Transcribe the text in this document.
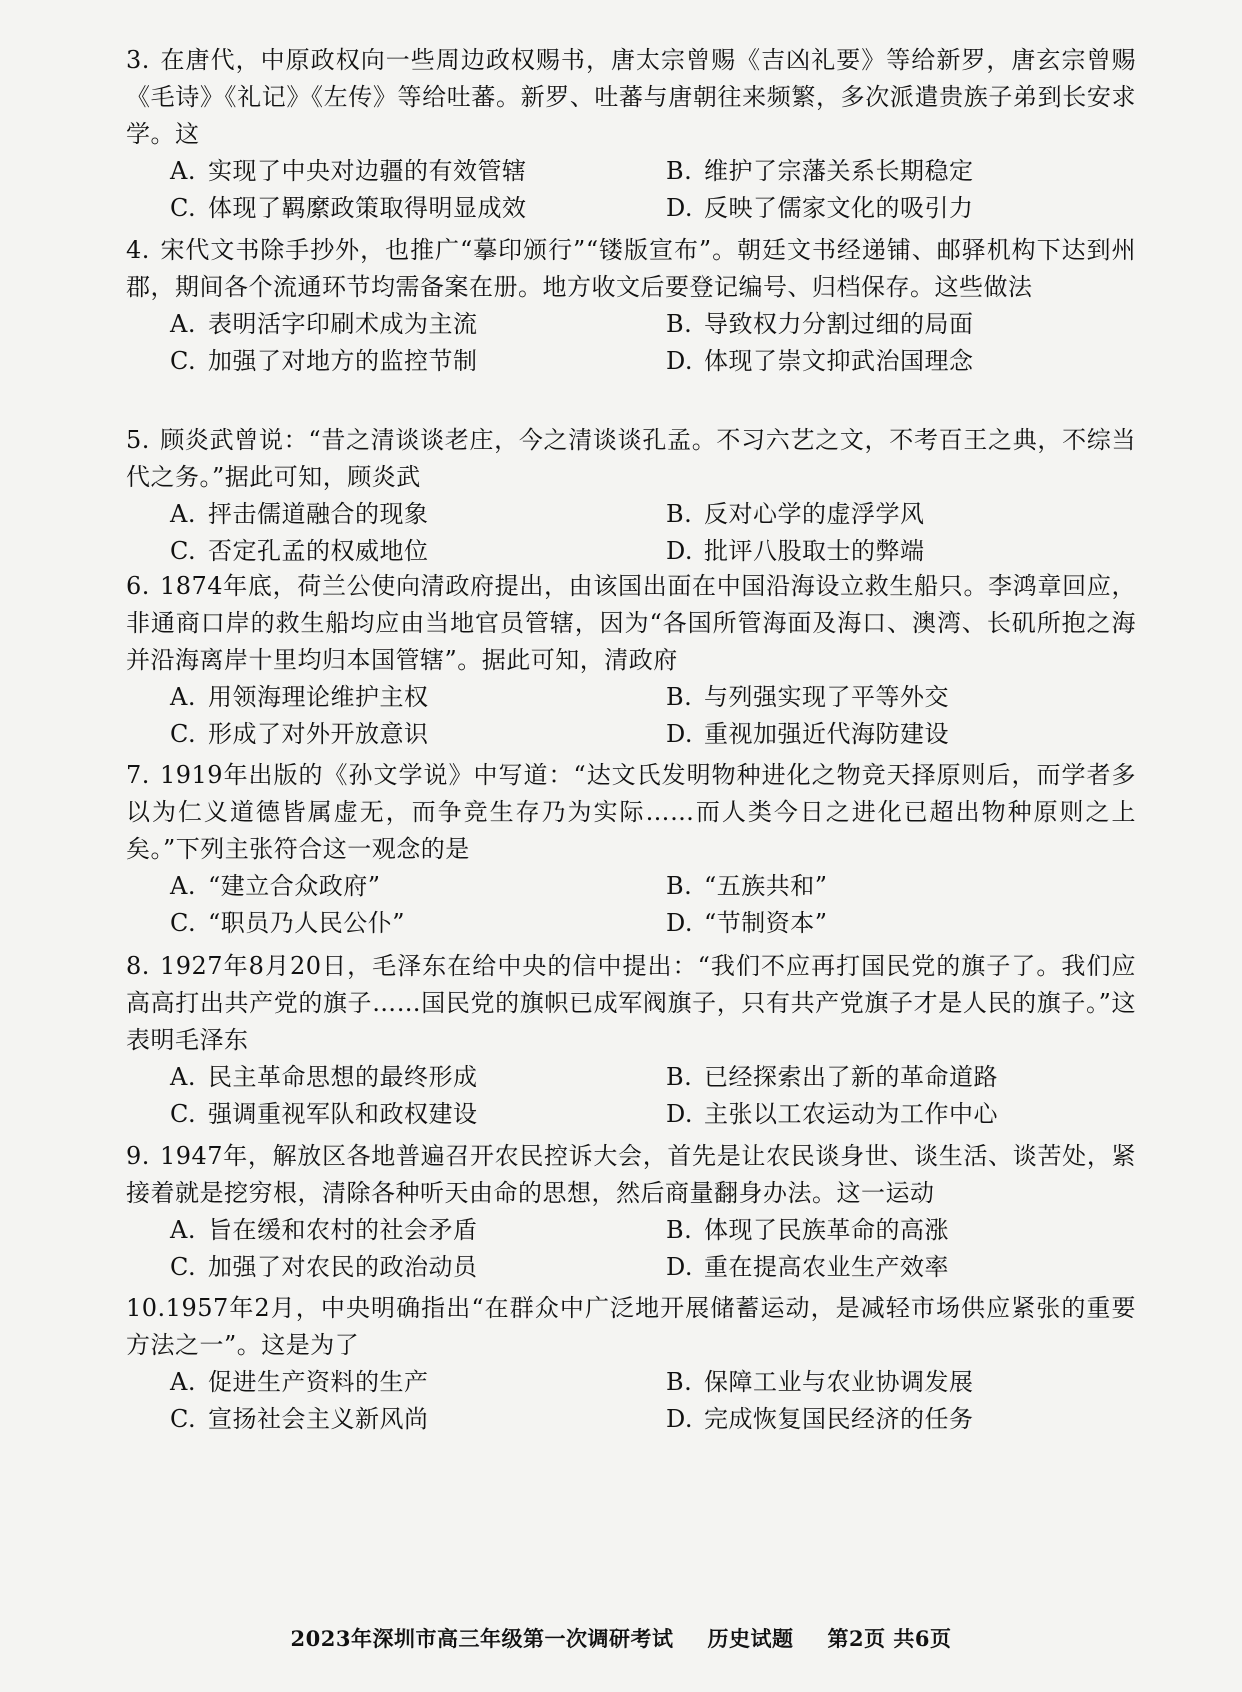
3. 在唐代，中原政权向一些周边政权赐书，唐太宗曾赐《吉凶礼要》等给新罗，唐玄宗曾赐《毛诗》《礼记》《左传》等给吐蕃。新罗、吐蕃与唐朝往来频繁，多次派遣贵族子弟到长安求学。这
A. 实现了中央对边疆的有效管辖	B. 维护了宗藩关系长期稳定
C. 体现了羁縻政策取得明显成效	D. 反映了儒家文化的吸引力
4. 宋代文书除手抄外，也推广“摹印颁行”“镂版宣布”。朝廷文书经递铺、邮驿机构下达到州郡，期间各个流通环节均需备案在册。地方收文后要登记编号、归档保存。这些做法
A. 表明活字印刷术成为主流	B. 导致权力分割过细的局面
C. 加强了对地方的监控节制	D. 体现了崇文抑武治国理念
5. 顾炎武曾说：“昔之清谈谈老庄，今之清谈谈孔孟。不习六艺之文，不考百王之典，不综当代之务。”据此可知，顾炎武
A. 抨击儒道融合的现象	B. 反对心学的虚浮学风
C. 否定孔孟的权威地位	D. 批评八股取士的弊端
6. 1874年底，荷兰公使向清政府提出，由该国出面在中国沿海设立救生船只。李鸿章回应，非通商口岸的救生船均应由当地官员管辖，因为“各国所管海面及海口、澳湾、长矶所抱之海并沿海离岸十里均归本国管辖”。据此可知，清政府
A. 用领海理论维护主权	B. 与列强实现了平等外交
C. 形成了对外开放意识	D. 重视加强近代海防建设
7. 1919年出版的《孙文学说》中写道：“达文氏发明物种进化之物竞天择原则后，而学者多以为仁义道德皆属虚无，而争竞生存乃为实际……而人类今日之进化已超出物种原则之上矣。”下列主张符合这一观念的是
A. “建立合众政府”	B. “五族共和”
C. “职员乃人民公仆”	D. “节制资本”
8. 1927年8月20日，毛泽东在给中央的信中提出：“我们不应再打国民党的旗子了。我们应高高打出共产党的旗子……国民党的旗帜已成军阀旗子，只有共产党旗子才是人民的旗子。”这表明毛泽东
A. 民主革命思想的最终形成	B. 已经探索出了新的革命道路
C. 强调重视军队和政权建设	D. 主张以工农运动为工作中心
9. 1947年，解放区各地普遍召开农民控诉大会，首先是让农民谈身世、谈生活、谈苦处，紧接着就是挖穷根，清除各种听天由命的思想，然后商量翻身办法。这一运动
A. 旨在缓和农村的社会矛盾	B. 体现了民族革命的高涨
C. 加强了对农民的政治动员	D. 重在提高农业生产效率
10.1957年2月，中央明确指出“在群众中广泛地开展储蓄运动，是减轻市场供应紧张的重要方法之一”。这是为了
A. 促进生产资料的生产	B. 保障工业与农业协调发展
C. 宣扬社会主义新风尚	D. 完成恢复国民经济的任务
2023年深圳市高三年级第一次调研考试 历史试题 第2页 共6页
